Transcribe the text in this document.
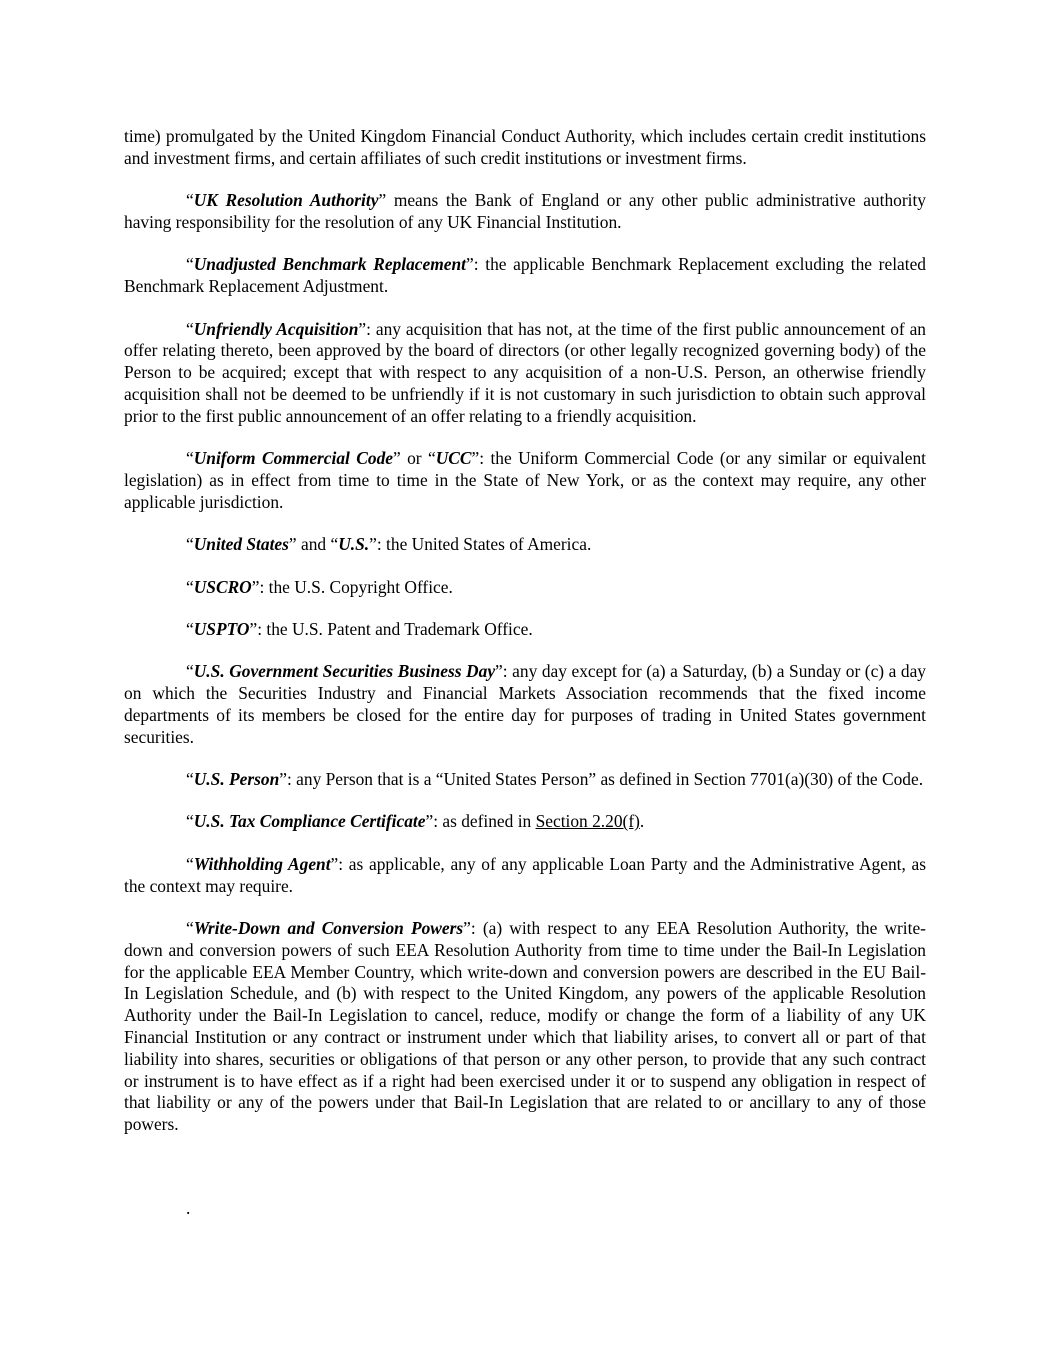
time) promulgated by the United Kingdom Financial Conduct Authority, which includes certain credit institutions and investment firms, and certain affiliates of such credit institutions or investment firms.

“UK Resolution Authority” means the Bank of England or any other public administrative authority having responsibility for the resolution of any UK Financial Institution.

“Unadjusted Benchmark Replacement”: the applicable Benchmark Replacement excluding the related Benchmark Replacement Adjustment.

“Unfriendly Acquisition”: any acquisition that has not, at the time of the first public announcement of an offer relating thereto, been approved by the board of directors (or other legally recognized governing body) of the Person to be acquired; except that with respect to any acquisition of a non-U.S. Person, an otherwise friendly acquisition shall not be deemed to be unfriendly if it is not customary in such jurisdiction to obtain such approval prior to the first public announcement of an offer relating to a friendly acquisition.

“Uniform Commercial Code” or “UCC”: the Uniform Commercial Code (or any similar or equivalent legislation) as in effect from time to time in the State of New York, or as the context may require, any other applicable jurisdiction.

“United States” and “U.S.”: the United States of America.

“USCRO”: the U.S. Copyright Office.

“USPTO”: the U.S. Patent and Trademark Office.

“U.S. Government Securities Business Day”: any day except for (a) a Saturday, (b) a Sunday or (c) a day on which the Securities Industry and Financial Markets Association recommends that the fixed income departments of its members be closed for the entire day for purposes of trading in United States government securities.

“U.S. Person”: any Person that is a “United States Person” as defined in Section 7701(a)(30) of the Code.

“U.S. Tax Compliance Certificate”: as defined in Section 2.20(f).

“Withholding Agent”: as applicable, any of any applicable Loan Party and the Administrative Agent, as the context may require.

“Write-Down and Conversion Powers”: (a) with respect to any EEA Resolution Authority, the write-down and conversion powers of such EEA Resolution Authority from time to time under the Bail-In Legislation for the applicable EEA Member Country, which write-down and conversion powers are described in the EU Bail-In Legislation Schedule, and (b) with respect to the United Kingdom, any powers of the applicable Resolution Authority under the Bail-In Legislation to cancel, reduce, modify or change the form of a liability of any UK Financial Institution or any contract or instrument under which that liability arises, to convert all or part of that liability into shares, securities or obligations of that person or any other person, to provide that any such contract or instrument is to have effect as if a right had been exercised under it or to suspend any obligation in respect of that liability or any of the powers under that Bail-In Legislation that are related to or ancillary to any of those powers.

.
